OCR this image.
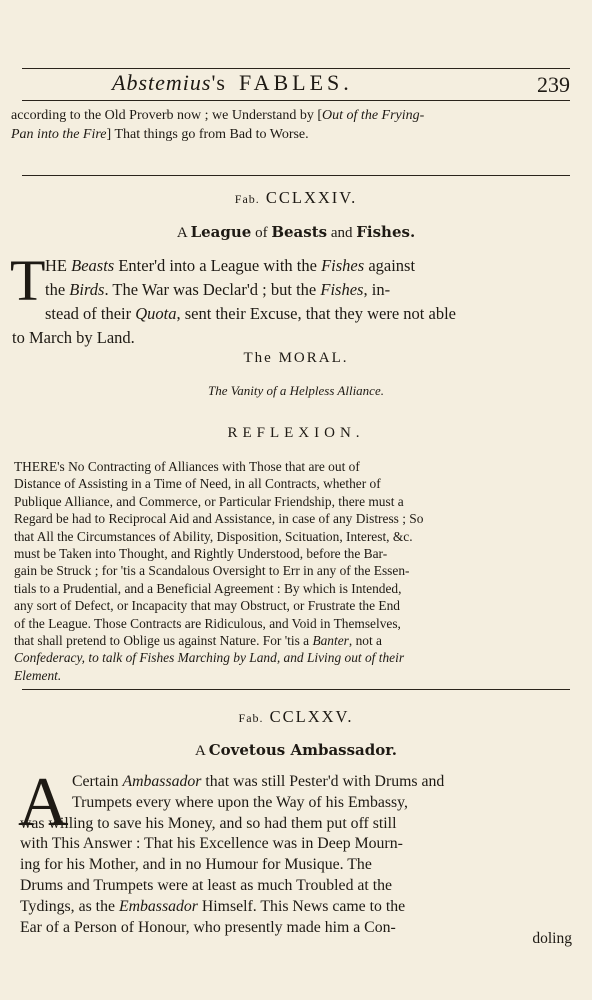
Abstemius's FABLES.	239
according to the Old Proverb now ; we Understand by [Out of the Frying-
Pan into the Fire] That things go from Bad to Worse.
Fab. CCLXXIV.
A League of Beasts and Fishes.
T HE Beasts Enter'd into a League with the Fishes against
the Birds. The War was Declar'd ; but the Fishes, in-
stead of their Quota, sent their Excuse, that they were not able
to March by Land.
The MORAL.
The Vanity of a Helpless Alliance.
REFLEXION.
THERE's No Contracting of Alliances with Those that are out of
Distance of Assisting in a Time of Need, in all Contracts, whether of
Publique Alliance, and Commerce, or Particular Friendship, there must a
Regard be had to Reciprocal Aid and Assistance, in case of any Distress ; So
that All the Circumstances of Ability, Disposition, Scituation, Interest, &c.
must be Taken into Thought, and Rightly Understood, before the Bar-
gain be Struck ; for 'tis a Scandalous Oversight to Err in any of the Essen-
tials to a Prudential, and a Beneficial Agreement : By which is Intended,
any sort of Defect, or Incapacity that may Obstruct, or Frustrate the End
of the League. Those Contracts are Ridiculous, and Void in Themselves,
that shall pretend to Oblige us against Nature. For 'tis a Banter, not a
Confederacy, to talk of Fishes Marching by Land, and Living out of their
Element.
Fab. CCLXXV.
A Covetous Ambassador.
A Certain Ambassador that was still Pester'd with Drums and
Trumpets every where upon the Way of his Embassy,
was willing to save his Money, and so had them put off still
with This Answer : That his Excellence was in Deep Mourn-
ing for his Mother, and in no Humour for Musique. The
Drums and Trumpets were at least as much Troubled at the
Tydings, as the Embassador Himself. This News came to the
Ear of a Person of Honour, who presently made him a Con-
doling
